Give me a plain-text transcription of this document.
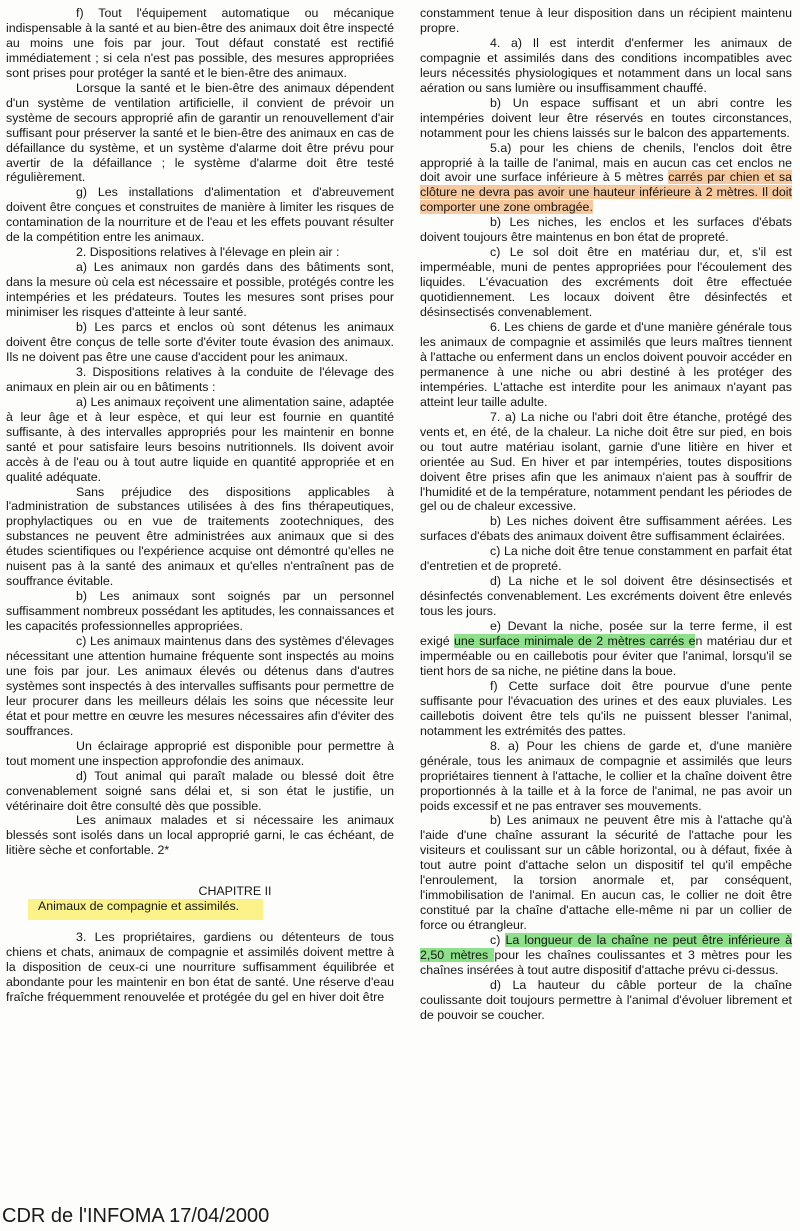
f) Tout l'équipement automatique ou mécanique indispensable à la santé et au bien-être des animaux doit être inspecté au moins une fois par jour. Tout défaut constaté est rectifié immédiatement ; si cela n'est pas possible, des mesures appropriées sont prises pour protéger la santé et le bien-être des animaux.

Lorsque la santé et le bien-être des animaux dépendent d'un système de ventilation artificielle, il convient de prévoir un système de secours approprié afin de garantir un renouvellement d'air suffisant pour préserver la santé et le bien-être des animaux en cas de défaillance du système, et un système d'alarme doit être prévu pour avertir de la défaillance ; le système d'alarme doit être testé régulièrement.

g) Les installations d'alimentation et d'abreuvement doivent être conçues et construites de manière à limiter les risques de contamination de la nourriture et de l'eau et les effets pouvant résulter de la compétition entre les animaux.

2. Dispositions relatives à l'élevage en plein air :

a) Les animaux non gardés dans des bâtiments sont, dans la mesure où cela est nécessaire et possible, protégés contre les intempéries et les prédateurs. Toutes les mesures sont prises pour minimiser les risques d'atteinte à leur santé.

b) Les parcs et enclos où sont détenus les animaux doivent être conçus de telle sorte d'éviter toute évasion des animaux. Ils ne doivent pas être une cause d'accident pour les animaux.

3. Dispositions relatives à la conduite de l'élevage des animaux en plein air ou en bâtiments :

a) Les animaux reçoivent une alimentation saine, adaptée à leur âge et à leur espèce, et qui leur est fournie en quantité suffisante, à des intervalles appropriés pour les maintenir en bonne santé et pour satisfaire leurs besoins nutritionnels. Ils doivent avoir accès à de l'eau ou à tout autre liquide en quantité appropriée et en qualité adéquate.

Sans préjudice des dispositions applicables à l'administration de substances utilisées à des fins thérapeutiques, prophylactiques ou en vue de traitements zootechniques, des substances ne peuvent être administrées aux animaux que si des études scientifiques ou l'expérience acquise ont démontré qu'elles ne nuisent pas à la santé des animaux et qu'elles n'entraînent pas de souffrance évitable.

b) Les animaux sont soignés par un personnel suffisamment nombreux possédant les aptitudes, les connaissances et les capacités professionnelles appropriées.

c) Les animaux maintenus dans des systèmes d'élevages nécessitant une attention humaine fréquente sont inspectés au moins une fois par jour. Les animaux élevés ou détenus dans d'autres systèmes sont inspectés à des intervalles suffisants pour permettre de leur procurer dans les meilleurs délais les soins que nécessite leur état et pour mettre en œuvre les mesures nécessaires afin d'éviter des souffrances.

Un éclairage approprié est disponible pour permettre à tout moment une inspection approfondie des animaux.

d) Tout animal qui paraît malade ou blessé doit être convenablement soigné sans délai et, si son état le justifie, un vétérinaire doit être consulté dès que possible.

Les animaux malades et si nécessaire les animaux blessés sont isolés dans un local approprié garni, le cas échéant, de litière sèche et confortable. 2*

CHAPITRE II

Animaux de compagnie et assimilés.

3. Les propriétaires, gardiens ou détenteurs de tous chiens et chats, animaux de compagnie et assimilés doivent mettre à la disposition de ceux-ci une nourriture suffisamment équilibrée et abondante pour les maintenir en bon état de santé. Une réserve d'eau fraîche fréquemment renouvelée et protégée du gel en hiver doit être

constamment tenue à leur disposition dans un récipient maintenu propre.

4. a) Il est interdit d'enfermer les animaux de compagnie et assimilés dans des conditions incompatibles avec leurs nécessités physiologiques et notamment dans un local sans aération ou sans lumière ou insuffisamment chauffé.

b) Un espace suffisant et un abri contre les intempéries doivent leur être réservés en toutes circonstances, notamment pour les chiens laissés sur le balcon des appartements.

5.a) pour les chiens de chenils, l'enclos doit être approprié à la taille de l'animal, mais en aucun cas cet enclos ne doit avoir une surface inférieure à 5 mètres carrés par chien et sa clôture ne devra pas avoir une hauteur inférieure à 2 mètres. Il doit comporter une zone ombragée.

b) Les niches, les enclos et les surfaces d'ébats doivent toujours être maintenus en bon état de propreté.

c) Le sol doit être en matériau dur, et, s'il est imperméable, muni de pentes appropriées pour l'écoulement des liquides. L'évacuation des excréments doit être effectuée quotidiennement. Les locaux doivent être désinfectés et désinsectisés convenablement.

6. Les chiens de garde et d'une manière générale tous les animaux de compagnie et assimilés que leurs maîtres tiennent à l'attache ou enferment dans un enclos doivent pouvoir accéder en permanence à une niche ou abri destiné à les protéger des intempéries. L'attache est interdite pour les animaux n'ayant pas atteint leur taille adulte.

7. a) La niche ou l'abri doit être étanche, protégé des vents et, en été, de la chaleur. La niche doit être sur pied, en bois ou tout autre matériau isolant, garnie d'une litière en hiver et orientée au Sud. En hiver et par intempéries, toutes dispositions doivent être prises afin que les animaux n'aient pas à souffrir de l'humidité et de la température, notamment pendant les périodes de gel ou de chaleur excessive.

b) Les niches doivent être suffisamment aérées. Les surfaces d'ébats des animaux doivent être suffisamment éclairées.

c) La niche doit être tenue constamment en parfait état d'entretien et de propreté.

d) La niche et le sol doivent être désinsectisés et désinfectés convenablement. Les excréments doivent être enlevés tous les jours.

e) Devant la niche, posée sur la terre ferme, il est exigé une surface minimale de 2 mètres carrés en matériau dur et imperméable ou en caillebotis pour éviter que l'animal, lorsqu'il se tient hors de sa niche, ne piétine dans la boue.

f) Cette surface doit être pourvue d'une pente suffisante pour l'évacuation des urines et des eaux pluviales. Les caillebotis doivent être tels qu'ils ne puissent blesser l'animal, notamment les extrémités des pattes.

8. a) Pour les chiens de garde et, d'une manière générale, tous les animaux de compagnie et assimilés que leurs propriétaires tiennent à l'attache, le collier et la chaîne doivent être proportionnés à la taille et à la force de l'animal, ne pas avoir un poids excessif et ne pas entraver ses mouvements.

b) Les animaux ne peuvent être mis à l'attache qu'à l'aide d'une chaîne assurant la sécurité de l'attache pour les visiteurs et coulissant sur un câble horizontal, ou à défaut, fixée à tout autre point d'attache selon un dispositif tel qu'il empêche l'enroulement, la torsion anormale et, par conséquent, l'immobilisation de l'animal. En aucun cas, le collier ne doit être constitué par la chaîne d'attache elle-même ni par un collier de force ou étrangleur.

c) La longueur de la chaîne ne peut être inférieure à 2,50 mètres pour les chaînes coulissantes et 3 mètres pour les chaînes insérées à tout autre dispositif d'attache prévu ci-dessus.

d) La hauteur du câble porteur de la chaîne coulissante doit toujours permettre à l'animal d'évoluer librement et de pouvoir se coucher.

CDR de l'INFOMA 17/04/2000
